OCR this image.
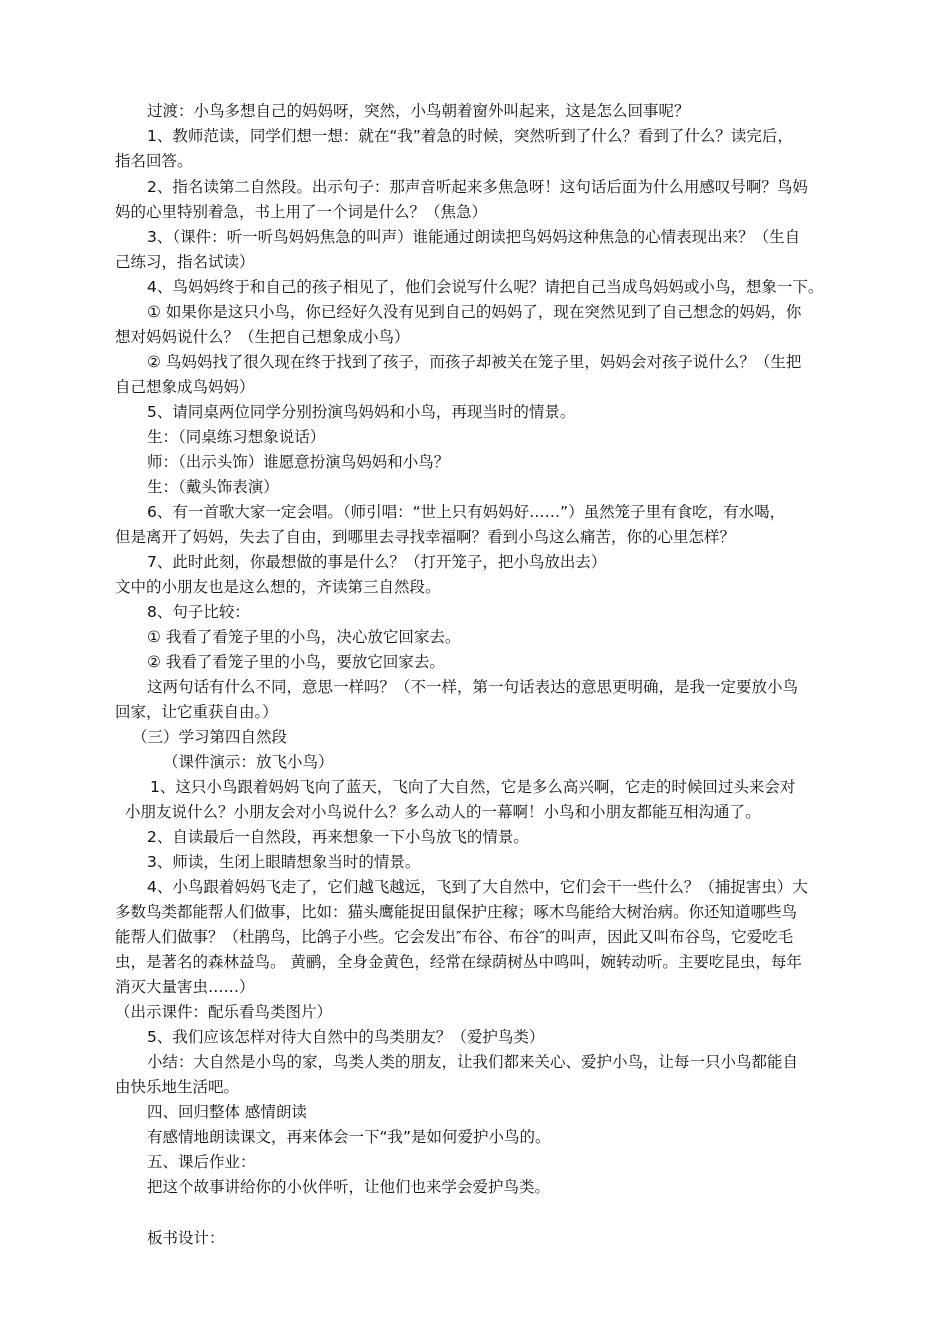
过渡：小鸟多想自己的妈妈呀，突然，小鸟朝着窗外叫起来，这是怎么回事呢？
1、教师范读，同学们想一想：就在“我”着急的时候，突然听到了什么？看到了什么？读完后，
指名回答。
2、指名读第二自然段。出示句子：那声音听起来多焦急呀！这句话后面为什么用感叹号啊？鸟妈
妈的心里特别着急，书上用了一个词是什么？（焦急）
3、（课件：听一听鸟妈妈焦急的叫声）谁能通过朗读把鸟妈妈这种焦急的心情表现出来？（生自
己练习，指名试读）
4、鸟妈妈终于和自己的孩子相见了，他们会说写什么呢？请把自己当成鸟妈妈或小鸟，想象一下。
① 如果你是这只小鸟，你已经好久没有见到自己的妈妈了，现在突然见到了自己想念的妈妈，你
想对妈妈说什么？（生把自己想象成小鸟）
② 鸟妈妈找了很久现在终于找到了孩子，而孩子却被关在笼子里，妈妈会对孩子说什么？（生把
自己想象成鸟妈妈）
5、请同桌两位同学分别扮演鸟妈妈和小鸟，再现当时的情景。
生：（同桌练习想象说话）
师：（出示头饰）谁愿意扮演鸟妈妈和小鸟？
生：（戴头饰表演）
6、有一首歌大家一定会唱。（师引唱：“世上只有妈妈好……”）虽然笼子里有食吃，有水喝，
但是离开了妈妈，失去了自由，到哪里去寻找幸福啊？看到小鸟这么痛苦，你的心里怎样？
7、此时此刻，你最想做的事是什么？（打开笼子，把小鸟放出去）
文中的小朋友也是这么想的，齐读第三自然段。
8、句子比较：
① 我看了看笼子里的小鸟，决心放它回家去。
② 我看了看笼子里的小鸟，要放它回家去。
这两句话有什么不同，意思一样吗？（不一样，第一句话表达的意思更明确，是我一定要放小鸟
回家，让它重获自由。）
（三）学习第四自然段
（课件演示：放飞小鸟）
1、这只小鸟跟着妈妈飞向了蓝天，飞向了大自然，它是多么高兴啊，它走的时候回过头来会对
小朋友说什么？小朋友会对小鸟说什么？多么动人的一幕啊！小鸟和小朋友都能互相沟通了。
2、自读最后一自然段，再来想象一下小鸟放飞的情景。
3、师读，生闭上眼睛想象当时的情景。
4、小鸟跟着妈妈飞走了，它们越飞越远，飞到了大自然中，它们会干一些什么？（捕捉害虫）大
多数鸟类都能帮人们做事，比如：猫头鹰能捉田鼠保护庄稼；啄木鸟能给大树治病。你还知道哪些鸟
能帮人们做事？（杜鹃鸟，比鸽子小些。它会发出″布谷、布谷″的叫声，因此又叫布谷鸟，它爱吃毛
虫，是著名的森林益鸟。 黄鹂，全身金黄色，经常在绿荫树丛中鸣叫，婉转动听。主要吃昆虫，每年
消灭大量害虫……）
（出示课件：配乐看鸟类图片）
5、我们应该怎样对待大自然中的鸟类朋友？（爱护鸟类）
小结：大自然是小鸟的家，鸟类人类的朋友，让我们都来关心、爱护小鸟，让每一只小鸟都能自
由快乐地生活吧。
四、回归整体 感情朗读
有感情地朗读课文，再来体会一下“我”是如何爱护小鸟的。
五、课后作业：
把这个故事讲给你的小伙伴听，让他们也来学会爱护鸟类。
板书设计：
